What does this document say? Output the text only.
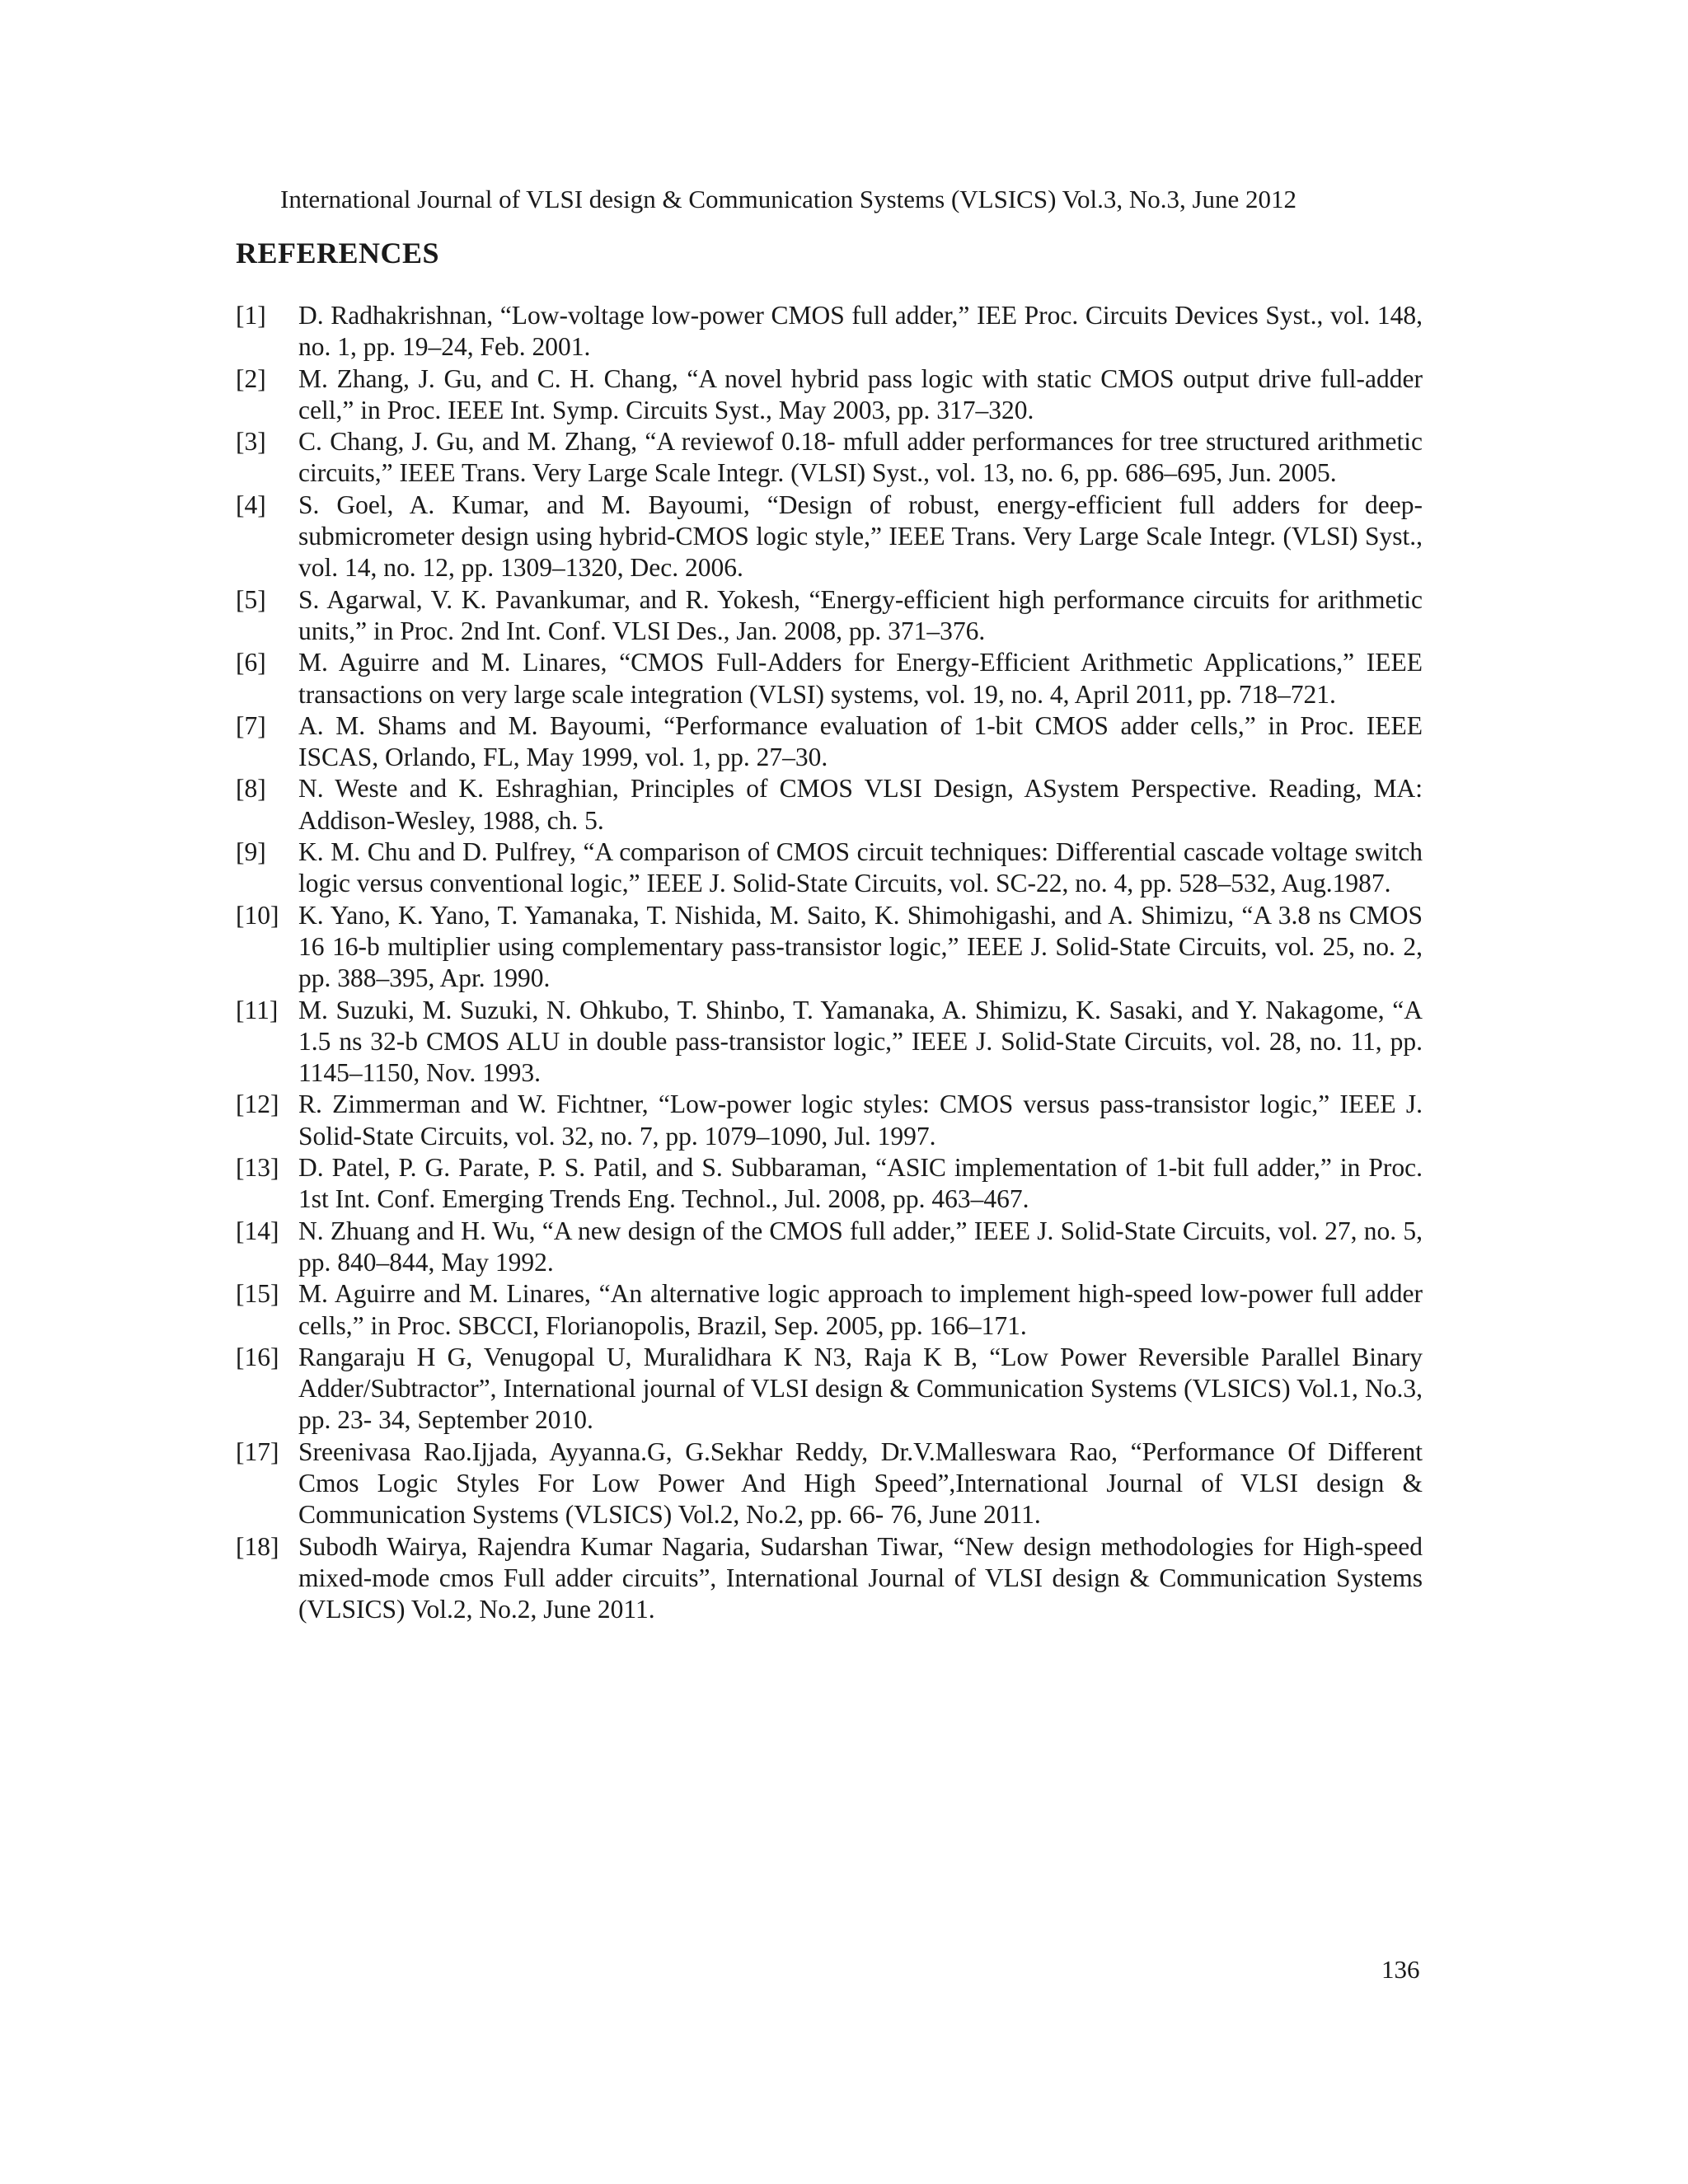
International Journal of VLSI design & Communication Systems (VLSICS) Vol.3, No.3, June 2012
REFERENCES
[1]	D. Radhakrishnan, “Low-voltage low-power CMOS full adder,” IEE Proc. Circuits Devices Syst., vol. 148, no. 1, pp. 19–24, Feb. 2001.
[2]	M. Zhang, J. Gu, and C. H. Chang, “A novel hybrid pass logic with static CMOS output drive full-adder cell,” in Proc. IEEE Int. Symp. Circuits Syst., May 2003, pp. 317–320.
[3]	C. Chang, J. Gu, and M. Zhang, “A reviewof 0.18- mfull adder performances for tree structured arithmetic circuits,” IEEE Trans. Very Large Scale Integr. (VLSI) Syst., vol. 13, no. 6, pp. 686–695, Jun. 2005.
[4]	S. Goel, A. Kumar, and M. Bayoumi, “Design of robust, energy-efficient full adders for deep-submicrometer design using hybrid-CMOS logic style,” IEEE Trans. Very Large Scale Integr. (VLSI) Syst., vol. 14, no. 12, pp. 1309–1320, Dec. 2006.
[5]	S. Agarwal, V. K. Pavankumar, and R. Yokesh, “Energy-efficient high performance circuits for arithmetic units,” in Proc. 2nd Int. Conf. VLSI Des., Jan. 2008, pp. 371–376.
[6]	M. Aguirre and M. Linares, “CMOS Full-Adders for Energy-Efficient Arithmetic Applications,” IEEE transactions on very large scale integration (VLSI) systems, vol. 19, no. 4, April 2011, pp. 718–721.
[7]	A. M. Shams and M. Bayoumi, “Performance evaluation of 1-bit CMOS adder cells,” in Proc. IEEE ISCAS, Orlando, FL, May 1999, vol. 1, pp. 27–30.
[8]	N. Weste and K. Eshraghian, Principles of CMOS VLSI Design, ASystem Perspective. Reading, MA: Addison-Wesley, 1988, ch. 5.
[9]	K. M. Chu and D. Pulfrey, “A comparison of CMOS circuit techniques: Differential cascade voltage switch logic versus conventional logic,” IEEE J. Solid-State Circuits, vol. SC-22, no. 4, pp. 528–532, Aug.1987.
[10] K. Yano, K. Yano, T. Yamanaka, T. Nishida, M. Saito, K. Shimohigashi, and A. Shimizu, “A 3.8 ns CMOS 16 16-b multiplier using complementary pass-transistor logic,” IEEE J. Solid-State Circuits, vol. 25, no. 2, pp. 388–395, Apr. 1990.
[11] M. Suzuki, M. Suzuki, N. Ohkubo, T. Shinbo, T. Yamanaka, A. Shimizu, K. Sasaki, and Y. Nakagome, “A 1.5 ns 32-b CMOS ALU in double pass-transistor logic,” IEEE J. Solid-State Circuits, vol. 28, no. 11, pp. 1145–1150, Nov. 1993.
[12] R. Zimmerman and W. Fichtner, “Low-power logic styles: CMOS versus pass-transistor logic,” IEEE J. Solid-State Circuits, vol. 32, no. 7, pp. 1079–1090, Jul. 1997.
[13] D. Patel, P. G. Parate, P. S. Patil, and S. Subbaraman, “ASIC implementation of 1-bit full adder,” in Proc. 1st Int. Conf. Emerging Trends Eng. Technol., Jul. 2008, pp. 463–467.
[14] N. Zhuang and H. Wu, “A new design of the CMOS full adder,” IEEE J. Solid-State Circuits, vol. 27, no. 5, pp. 840–844, May 1992.
[15] M. Aguirre and M. Linares, “An alternative logic approach to implement high-speed low-power full adder cells,” in Proc. SBCCI, Florianopolis, Brazil, Sep. 2005, pp. 166–171.
[16] Rangaraju H G, Venugopal U, Muralidhara K N3, Raja K B, “Low Power Reversible Parallel Binary Adder/Subtractor”, International journal of VLSI design & Communication Systems (VLSICS) Vol.1, No.3, pp. 23- 34, September 2010.
[17] Sreenivasa Rao.Ijjada, Ayyanna.G, G.Sekhar Reddy, Dr.V.Malleswara Rao, “Performance Of Different Cmos Logic Styles For Low Power And High Speed”,International Journal of VLSI design & Communication Systems (VLSICS) Vol.2, No.2, pp. 66- 76, June 2011.
[18] Subodh Wairya, Rajendra Kumar Nagaria, Sudarshan Tiwar, “New design methodologies for High-speed mixed-mode cmos Full adder circuits”, International Journal of VLSI design & Communication Systems (VLSICS) Vol.2, No.2, June 2011.
136
